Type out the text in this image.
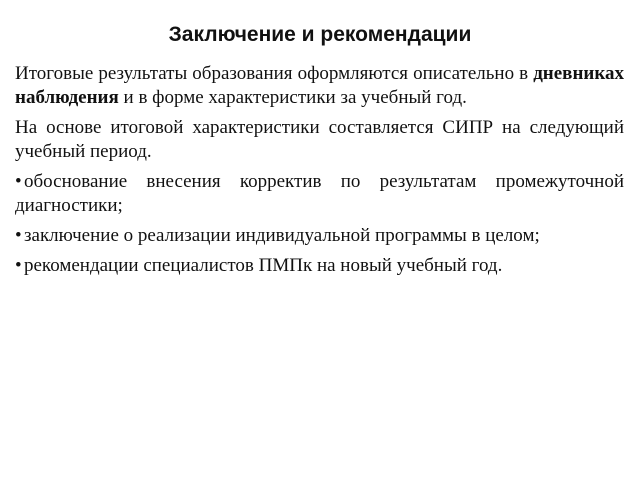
Заключение и рекомендации

Итоговые результаты образования оформляются описательно в дневниках наблюдения и в форме характеристики за учебный год.

На основе итоговой характеристики составляется СИПР на следующий учебный период.

• обоснование внесения корректив по результатам промежуточной диагностики;
• заключение о реализации индивидуальной программы в целом;
• рекомендации специалистов ПМПк на новый учебный год.
